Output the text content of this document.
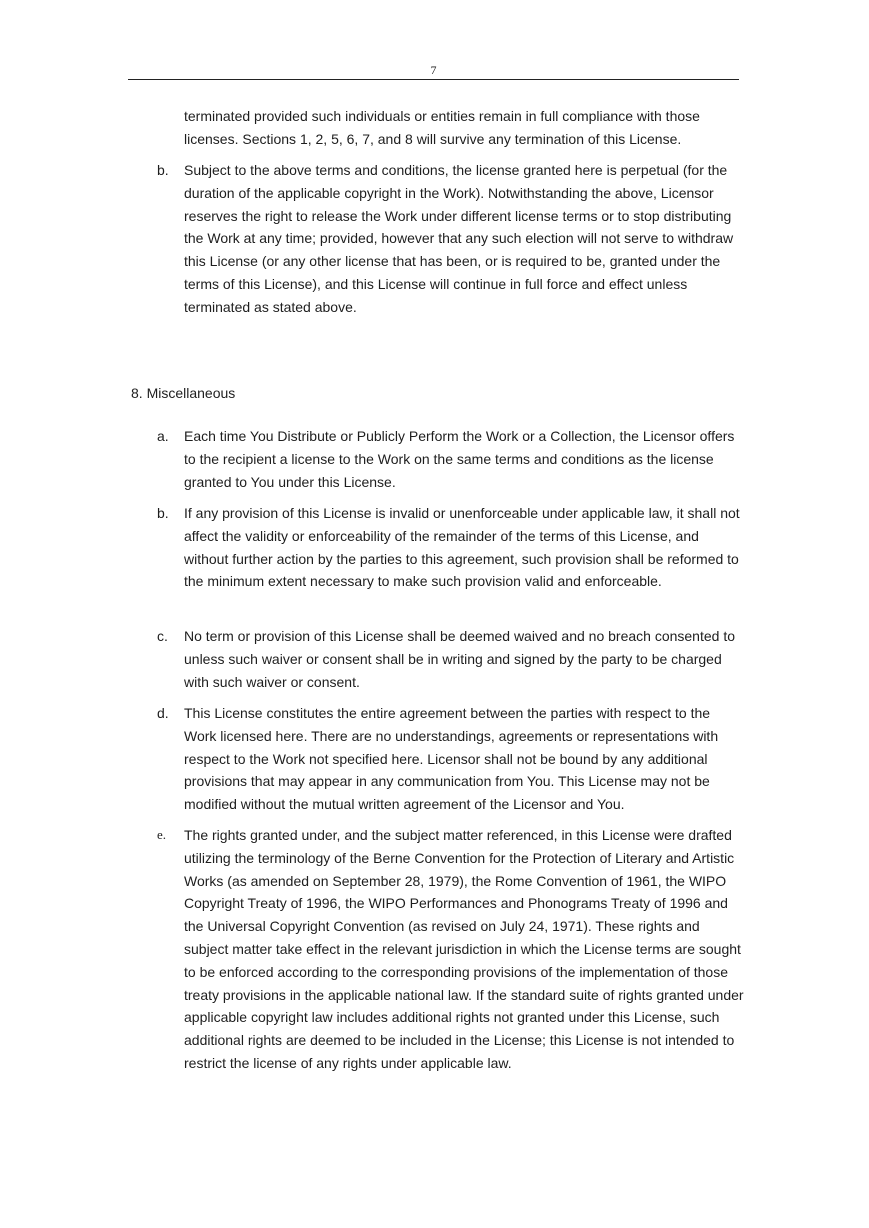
7

terminated provided such individuals or entities remain in full compliance with those licenses. Sections 1, 2, 5, 6, 7, and 8 will survive any termination of this License.

b.	Subject to the above terms and conditions, the license granted here is perpetual (for the duration of the applicable copyright in the Work). Notwithstanding the above, Licensor reserves the right to release the Work under different license terms or to stop distributing the Work at any time; provided, however that any such election will not serve to withdraw this License (or any other license that has been, or is required to be, granted under the terms of this License), and this License will continue in full force and effect unless terminated as stated above.

8. Miscellaneous
a.	Each time You Distribute or Publicly Perform the Work or a Collection, the Licensor offers to the recipient a license to the Work on the same terms and conditions as the license granted to You under this License.

b.	If any provision of this License is invalid or unenforceable under applicable law, it shall not affect the validity or enforceability of the remainder of the terms of this License, and without further action by the parties to this agreement, such provision shall be reformed to the minimum extent necessary to make such provision valid and enforceable.

c.	No term or provision of this License shall be deemed waived and no breach consented to unless such waiver or consent shall be in writing and signed by the party to be charged with such waiver or consent.

d.	This License constitutes the entire agreement between the parties with respect to the Work licensed here. There are no understandings, agreements or representations with respect to the Work not specified here. Licensor shall not be bound by any additional provisions that may appear in any communication from You. This License may not be modified without the mutual written agreement of the Licensor and You.

e.	The rights granted under, and the subject matter referenced, in this License were drafted utilizing the terminology of the Berne Convention for the Protection of Literary and Artistic Works (as amended on September 28, 1979), the Rome Convention of 1961, the WIPO Copyright Treaty of 1996, the WIPO Performances and Phonograms Treaty of 1996 and the Universal Copyright Convention (as revised on July 24, 1971). These rights and subject matter take effect in the relevant jurisdiction in which the License terms are sought to be enforced according to the corresponding provisions of the implementation of those treaty provisions in the applicable national law. If the standard suite of rights granted under applicable copyright law includes additional rights not granted under this License, such additional rights are deemed to be included in the License; this License is not intended to restrict the license of any rights under applicable law.
